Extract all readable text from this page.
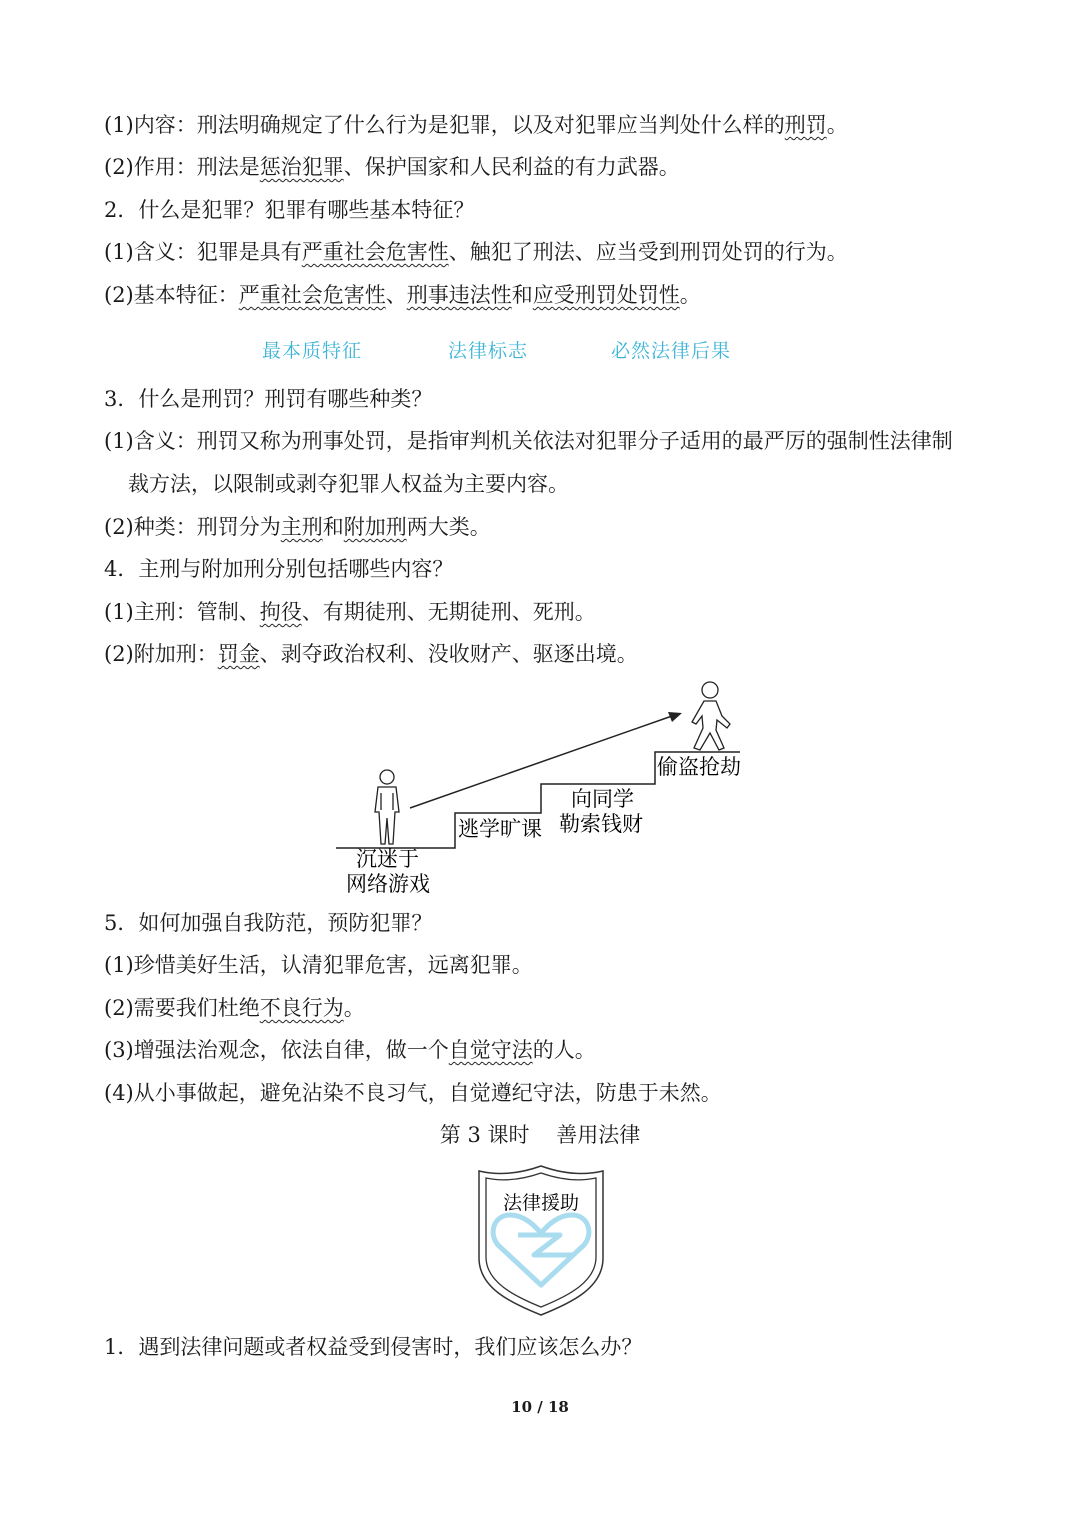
(1)内容：刑法明确规定了什么行为是犯罪，以及对犯罪应当判处什么样的刑罚。
(2)作用：刑法是惩治犯罪、保护国家和人民利益的有力武器。
2．什么是犯罪？犯罪有哪些基本特征？
(1)含义：犯罪是具有严重社会危害性、触犯了刑法、应当受到刑罚处罚的行为。
(2)基本特征：严重社会危害性、刑事违法性和应受刑罚处罚性。
最本质特征	法律标志	必然法律后果
3．什么是刑罚？刑罚有哪些种类？
(1)含义：刑罚又称为刑事处罚，是指审判机关依法对犯罪分子适用的最严厉的强制性法律制
裁方法，以限制或剥夺犯罪人权益为主要内容。
(2)种类：刑罚分为主刑和附加刑两大类。
4．主刑与附加刑分别包括哪些内容？
(1)主刑：管制、拘役、有期徒刑、无期徒刑、死刑。
(2)附加刑：罚金、剥夺政治权利、没收财产、驱逐出境。
沉迷于
网络游戏
逃学旷课
向同学
勒索钱财
偷盗抢劫
5．如何加强自我防范，预防犯罪？
(1)珍惜美好生活，认清犯罪危害，远离犯罪。
(2)需要我们杜绝不良行为。
(3)增强法治观念，依法自律，做一个自觉守法的人。
(4)从小事做起，避免沾染不良习气，自觉遵纪守法，防患于未然。
第 3 课时    善用法律
法律援助
1．遇到法律问题或者权益受到侵害时，我们应该怎么办？
10 / 18
